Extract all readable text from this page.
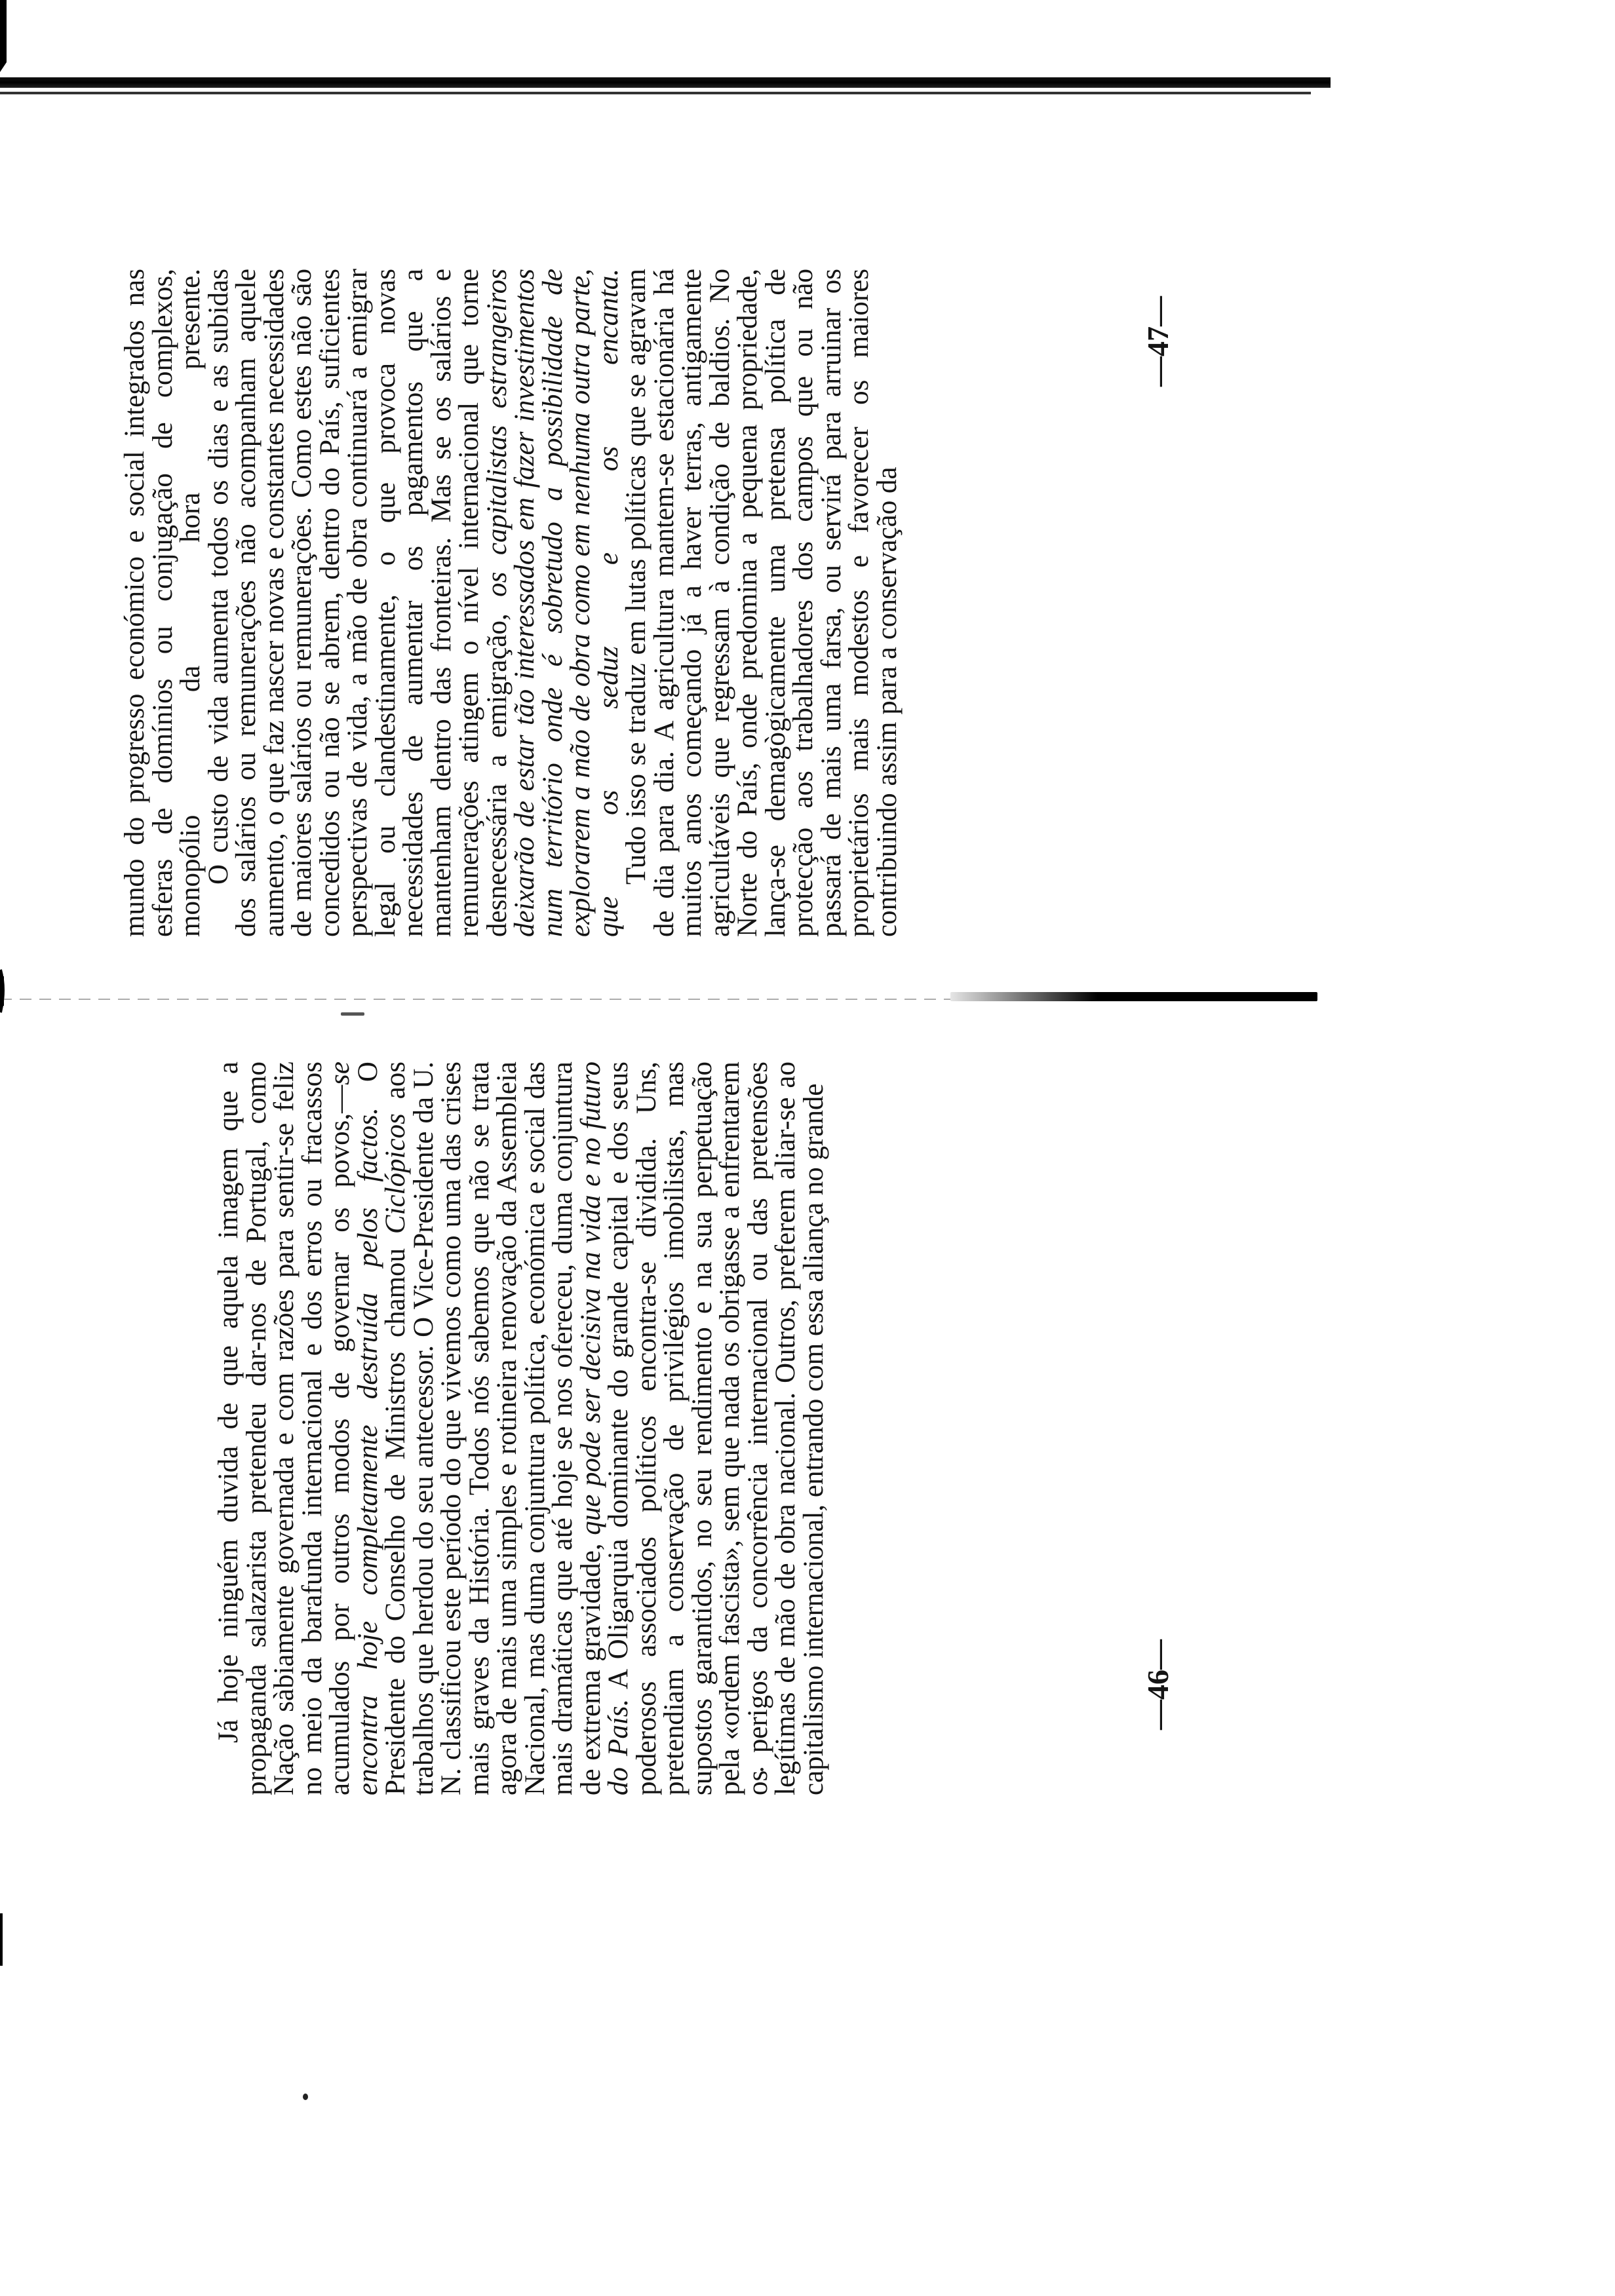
mundo do progresso económico e social integrados nas esferas de domínios ou conjugação de complexos, monopólio da hora presente.

O custo de vida aumenta todos os dias e as subidas dos salários ou remunerações não acompanham aquele aumento, o que faz nascer novas e constantes necessidades de maiores salários ou remunerações. Como estes não são concedidos ou não se abrem, dentro do País, suficientes perspectivas de vida, a mão de obra continuará a emigrar legal ou clandestinamente, o que provoca novas necessidades de aumentar os pagamentos que a mantenham dentro das fronteiras. Mas se os salários e remunerações atingem o nível internacional que torne desnecessária a emigração, os capitalistas estrangeiros deixarão de estar tão interessados em fazer investimentos num território onde é sobretudo a possibilidade de explorarem a mão de obra como em nenhuma outra parte, que os seduz e os encanta.

Tudo isso se traduz em lutas políticas que se agravam de dia para dia. A agricultura mantem-se estacionária há muitos anos começando já a haver terras, antigamente agricultáveis que regressam à condição de baldios. No Norte do País, onde predomina a pequena propriedade, lança-se demagògicamente uma pretensa política de protecção aos trabalhadores dos campos que ou não passará de mais uma farsa, ou servirá para arruinar os proprietários mais modestos e favorecer os maiores contribuindo assim para a conservação da

—47—

Já hoje ninguém duvida de que aquela imagem que a propaganda salazarista pretendeu dar-nos de Portugal, como Nação sàbiamente governada e com razões para sentir-se feliz no meio da barafunda internacional e dos erros ou fracassos acumulados por outros modos de governar os povos,—se encontra hoje completamente destruída pelos factos. O Presidente do Conselho de Ministros chamou Ciclópicos aos trabalhos que herdou do seu antecessor. O Vice-Presidente da U. N. classificou este período do que vivemos como uma das crises mais graves da História. Todos nós sabemos que não se trata agora de mais uma simples e rotineira renovação da Assembleia Nacional, mas duma conjuntura política, económica e social das mais dramáticas que até hoje se nos ofereceu, duma conjuntura de extrema gravidade, que pode ser decisiva na vida e no futuro do País. A Oligarquia dominante do grande capital e dos seus poderosos associados políticos encontra-se dividida. Uns, pretendiam a conservação de privilégios imobilistas, mas supostos garantidos, no seu rendimento e na sua perpetuação pela «ordem fascista», sem que nada os obrigasse a enfrentarem os perigos da concorrência internacional ou das pretensões legítimas de mão de obra nacional. Outros, preferem aliar-se ao capitalismo internacional, entrando com essa aliança no grande	—46—
